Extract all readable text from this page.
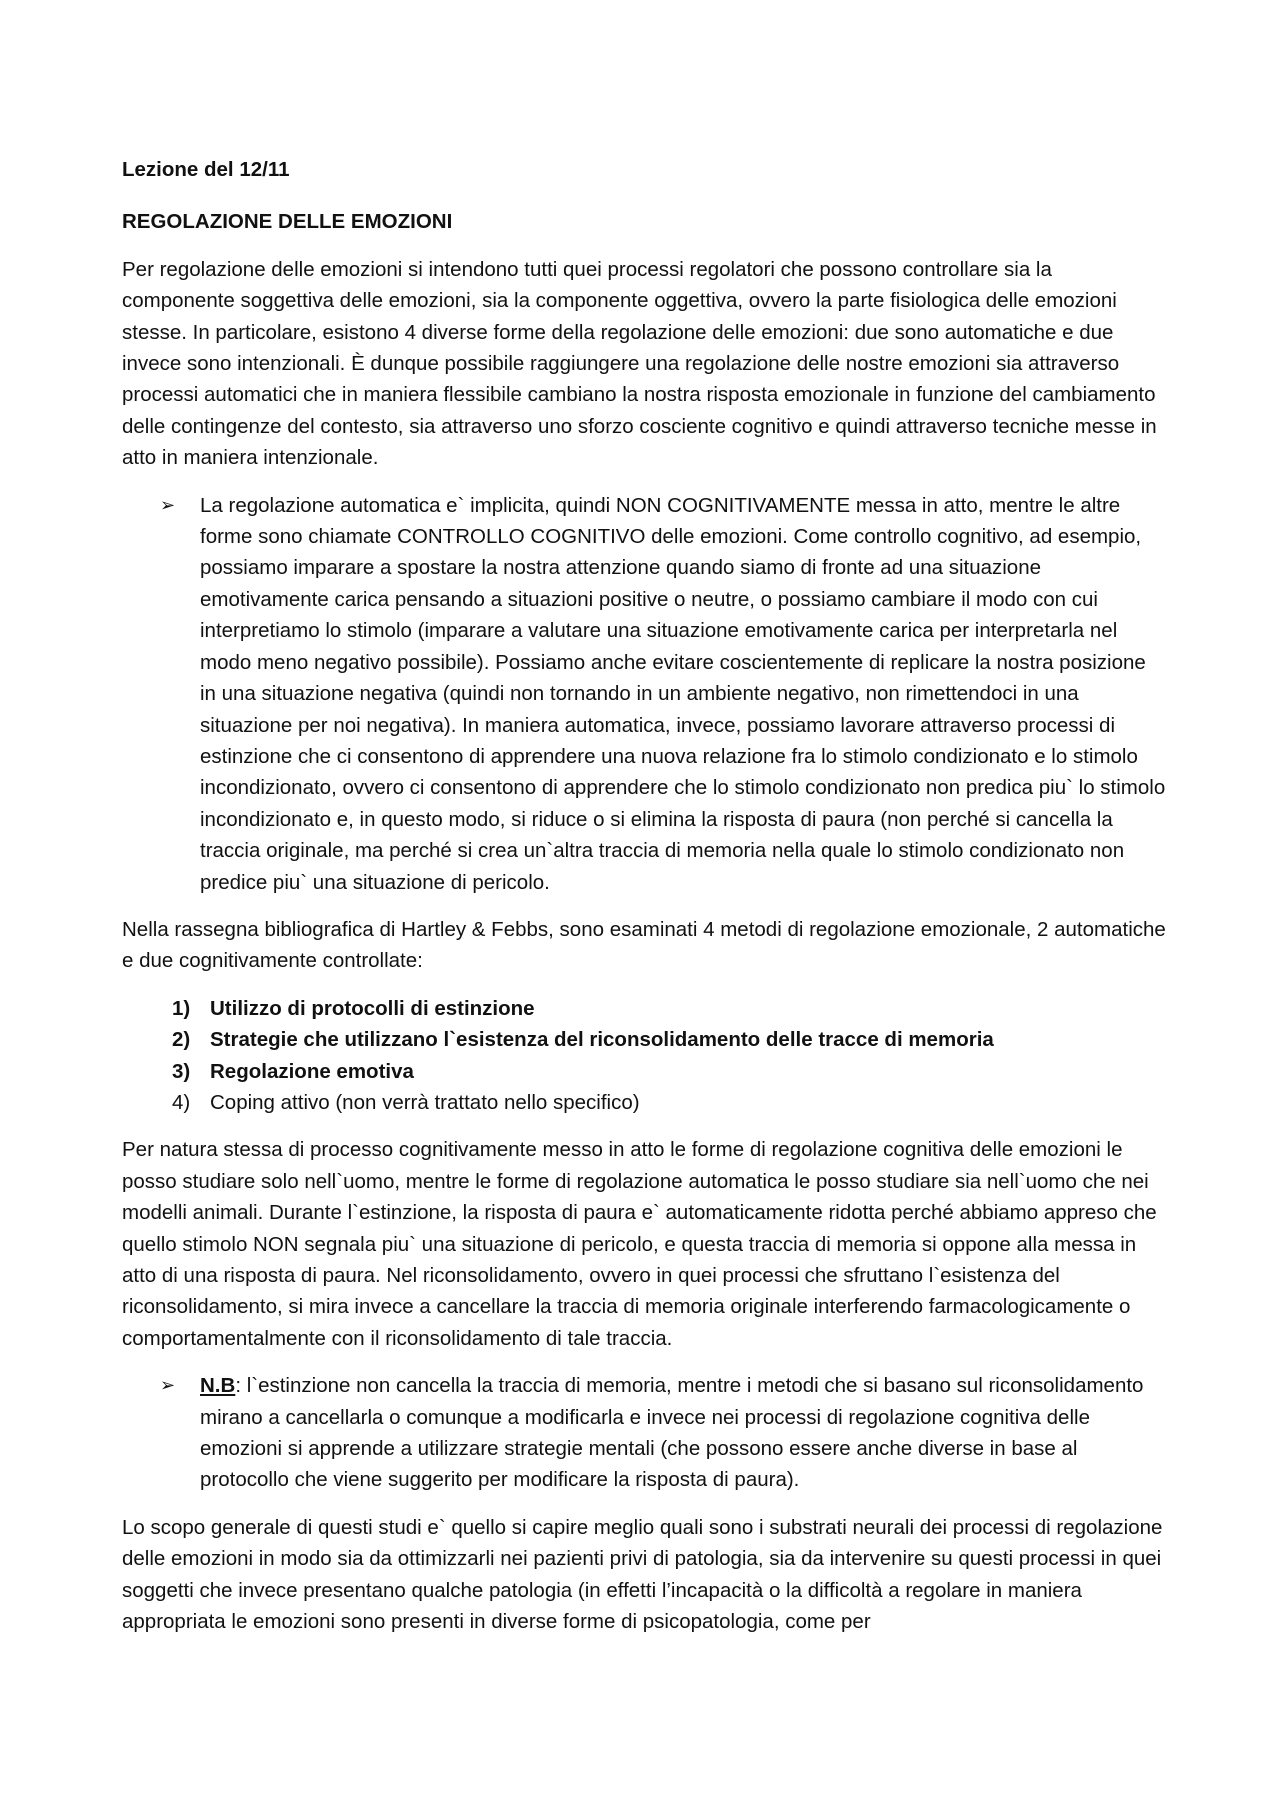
Lezione del 12/11

REGOLAZIONE DELLE EMOZIONI

Per regolazione delle emozioni si intendono tutti quei processi regolatori che possono controllare sia la componente soggettiva delle emozioni, sia la componente oggettiva, ovvero la parte fisiologica delle emozioni stesse. In particolare, esistono 4 diverse forme della regolazione delle emozioni: due sono automatiche e due invece sono intenzionali. È dunque possibile raggiungere una regolazione delle nostre emozioni sia attraverso processi automatici che in maniera flessibile cambiano la nostra risposta emozionale in funzione del cambiamento delle contingenze del contesto, sia attraverso uno sforzo cosciente cognitivo e quindi attraverso tecniche messe in atto in maniera intenzionale.

➢ La regolazione automatica e` implicita, quindi NON COGNITIVAMENTE messa in atto, mentre le altre forme sono chiamate CONTROLLO COGNITIVO delle emozioni. Come controllo cognitivo, ad esempio, possiamo imparare a spostare la nostra attenzione quando siamo di fronte ad una situazione emotivamente carica pensando a situazioni positive o neutre, o possiamo cambiare il modo con cui interpretiamo lo stimolo (imparare a valutare una situazione emotivamente carica per interpretarla nel modo meno negativo possibile). Possiamo anche evitare coscientemente di replicare la nostra posizione in una situazione negativa (quindi non tornando in un ambiente negativo, non rimettendoci in una situazione per noi negativa). In maniera automatica, invece, possiamo lavorare attraverso processi di estinzione che ci consentono di apprendere una nuova relazione fra lo stimolo condizionato e lo stimolo incondizionato, ovvero ci consentono di apprendere che lo stimolo condizionato non predica piu` lo stimolo incondizionato e, in questo modo, si riduce o si elimina la risposta di paura (non perché si cancella la traccia originale, ma perché si crea un`altra traccia di memoria nella quale lo stimolo condizionato non predice piu` una situazione di pericolo.

Nella rassegna bibliografica di Hartley & Febbs, sono esaminati 4 metodi di regolazione emozionale, 2 automatiche e due cognitivamente controllate:

1) Utilizzo di protocolli di estinzione
2) Strategie che utilizzano l`esistenza del riconsolidamento delle tracce di memoria
3) Regolazione emotiva
4) Coping attivo (non verrà trattato nello specifico)

Per natura stessa di processo cognitivamente messo in atto le forme di regolazione cognitiva delle emozioni le posso studiare solo nell`uomo, mentre le forme di regolazione automatica le posso studiare sia nell`uomo che nei modelli animali. Durante l`estinzione, la risposta di paura e` automaticamente ridotta perché abbiamo appreso che quello stimolo NON segnala piu` una situazione di pericolo, e questa traccia di memoria si oppone alla messa in atto di una risposta di paura. Nel riconsolidamento, ovvero in quei processi che sfruttano l`esistenza del riconsolidamento, si mira invece a cancellare la traccia di memoria originale interferendo farmacologicamente o comportamentalmente con il riconsolidamento di tale traccia.

➢ N.B: l`estinzione non cancella la traccia di memoria, mentre i metodi che si basano sul riconsolidamento mirano a cancellarla o comunque a modificarla e invece nei processi di regolazione cognitiva delle emozioni si apprende a utilizzare strategie mentali (che possono essere anche diverse in base al protocollo che viene suggerito per modificare la risposta di paura).

Lo scopo generale di questi studi e` quello si capire meglio quali sono i substrati neurali dei processi di regolazione delle emozioni in modo sia da ottimizzarli nei pazienti privi di patologia, sia da intervenire su questi processi in quei soggetti che invece presentano qualche patologia (in effetti l’incapacità o la difficoltà a regolare in maniera appropriata le emozioni sono presenti in diverse forme di psicopatologia, come per
